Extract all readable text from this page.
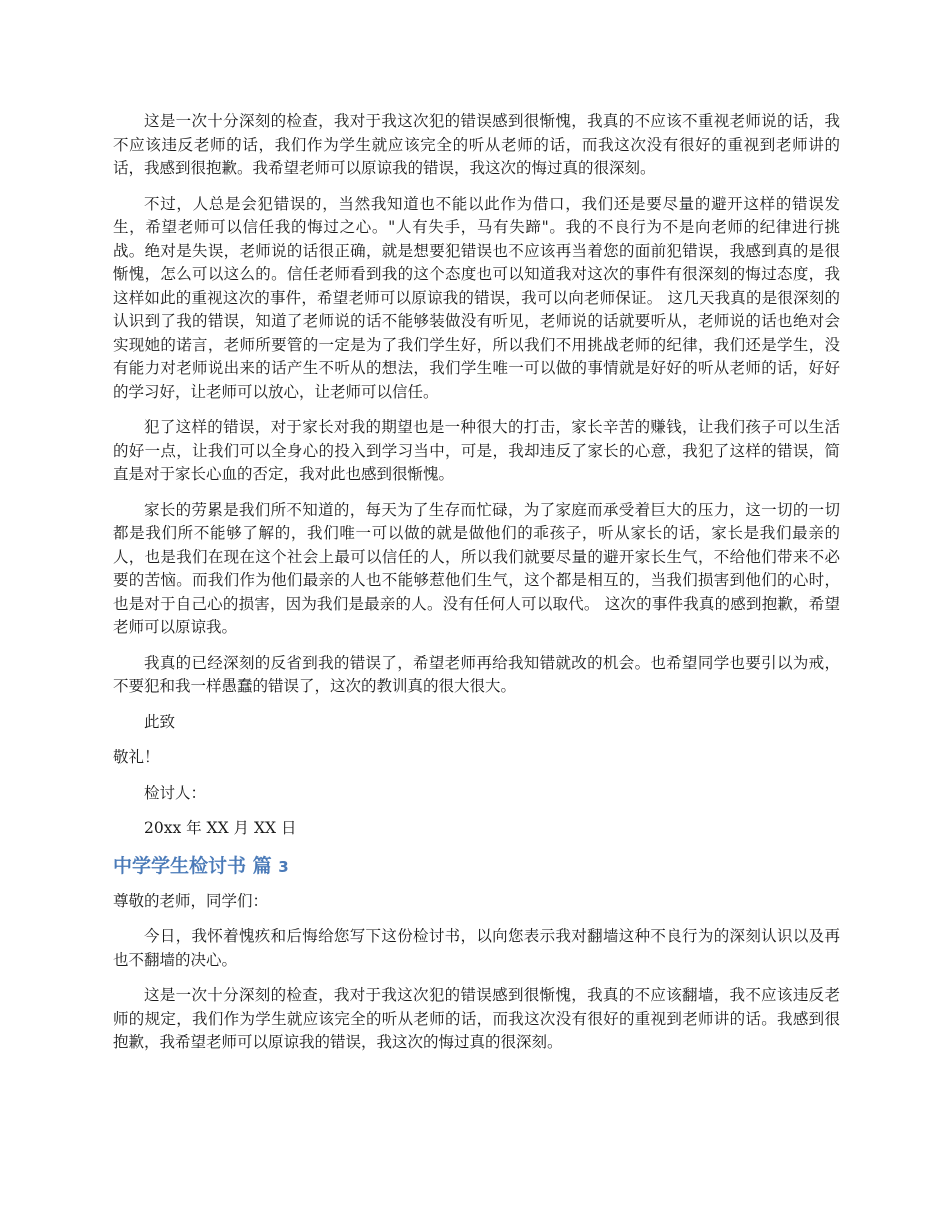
这是一次十分深刻的检查，我对于我这次犯的错误感到很惭愧，我真的不应该不重视老师说的话，我不应该违反老师的话，我们作为学生就应该完全的听从老师的话，而我这次没有很好的重视到老师讲的话，我感到很抱歉。我希望老师可以原谅我的错误，我这次的悔过真的很深刻。

不过，人总是会犯错误的，当然我知道也不能以此作为借口，我们还是要尽量的避开这样的错误发生，希望老师可以信任我的悔过之心。"人有失手，马有失蹄"。我的不良行为不是向老师的纪律进行挑战。绝对是失误，老师说的话很正确，就是想要犯错误也不应该再当着您的面前犯错误，我感到真的是很惭愧，怎么可以这么的。信任老师看到我的这个态度也可以知道我对这次的事件有很深刻的悔过态度，我这样如此的重视这次的事件，希望老师可以原谅我的错误，我可以向老师保证。 这几天我真的是很深刻的认识到了我的错误，知道了老师说的话不能够装做没有听见，老师说的话就要听从，老师说的话也绝对会实现她的诺言，老师所要管的一定是为了我们学生好，所以我们不用挑战老师的纪律，我们还是学生，没有能力对老师说出来的话产生不听从的想法，我们学生唯一可以做的事情就是好好的听从老师的话，好好的学习好，让老师可以放心，让老师可以信任。

犯了这样的错误，对于家长对我的期望也是一种很大的打击，家长辛苦的赚钱，让我们孩子可以生活的好一点，让我们可以全身心的投入到学习当中，可是，我却违反了家长的心意，我犯了这样的错误，简直是对于家长心血的否定，我对此也感到很惭愧。

家长的劳累是我们所不知道的，每天为了生存而忙碌，为了家庭而承受着巨大的压力，这一切的一切都是我们所不能够了解的，我们唯一可以做的就是做他们的乖孩子，听从家长的话，家长是我们最亲的人，也是我们在现在这个社会上最可以信任的人，所以我们就要尽量的避开家长生气，不给他们带来不必要的苦恼。而我们作为他们最亲的人也不能够惹他们生气，这个都是相互的，当我们损害到他们的心时，也是对于自己心的损害，因为我们是最亲的人。没有任何人可以取代。 这次的事件我真的感到抱歉，希望老师可以原谅我。

我真的已经深刻的反省到我的错误了，希望老师再给我知错就改的机会。也希望同学也要引以为戒，不要犯和我一样愚蠢的错误了，这次的教训真的很大很大。

此致

敬礼！

检讨人：

20xx 年 XX 月 XX 日

中学学生检讨书 篇 3

尊敬的老师，同学们：

今日，我怀着愧疚和后悔给您写下这份检讨书，以向您表示我对翻墙这种不良行为的深刻认识以及再也不翻墙的决心。

这是一次十分深刻的检查，我对于我这次犯的错误感到很惭愧，我真的不应该翻墙，我不应该违反老师的规定，我们作为学生就应该完全的听从老师的话，而我这次没有很好的重视到老师讲的话。我感到很抱歉，我希望老师可以原谅我的错误，我这次的悔过真的很深刻。
